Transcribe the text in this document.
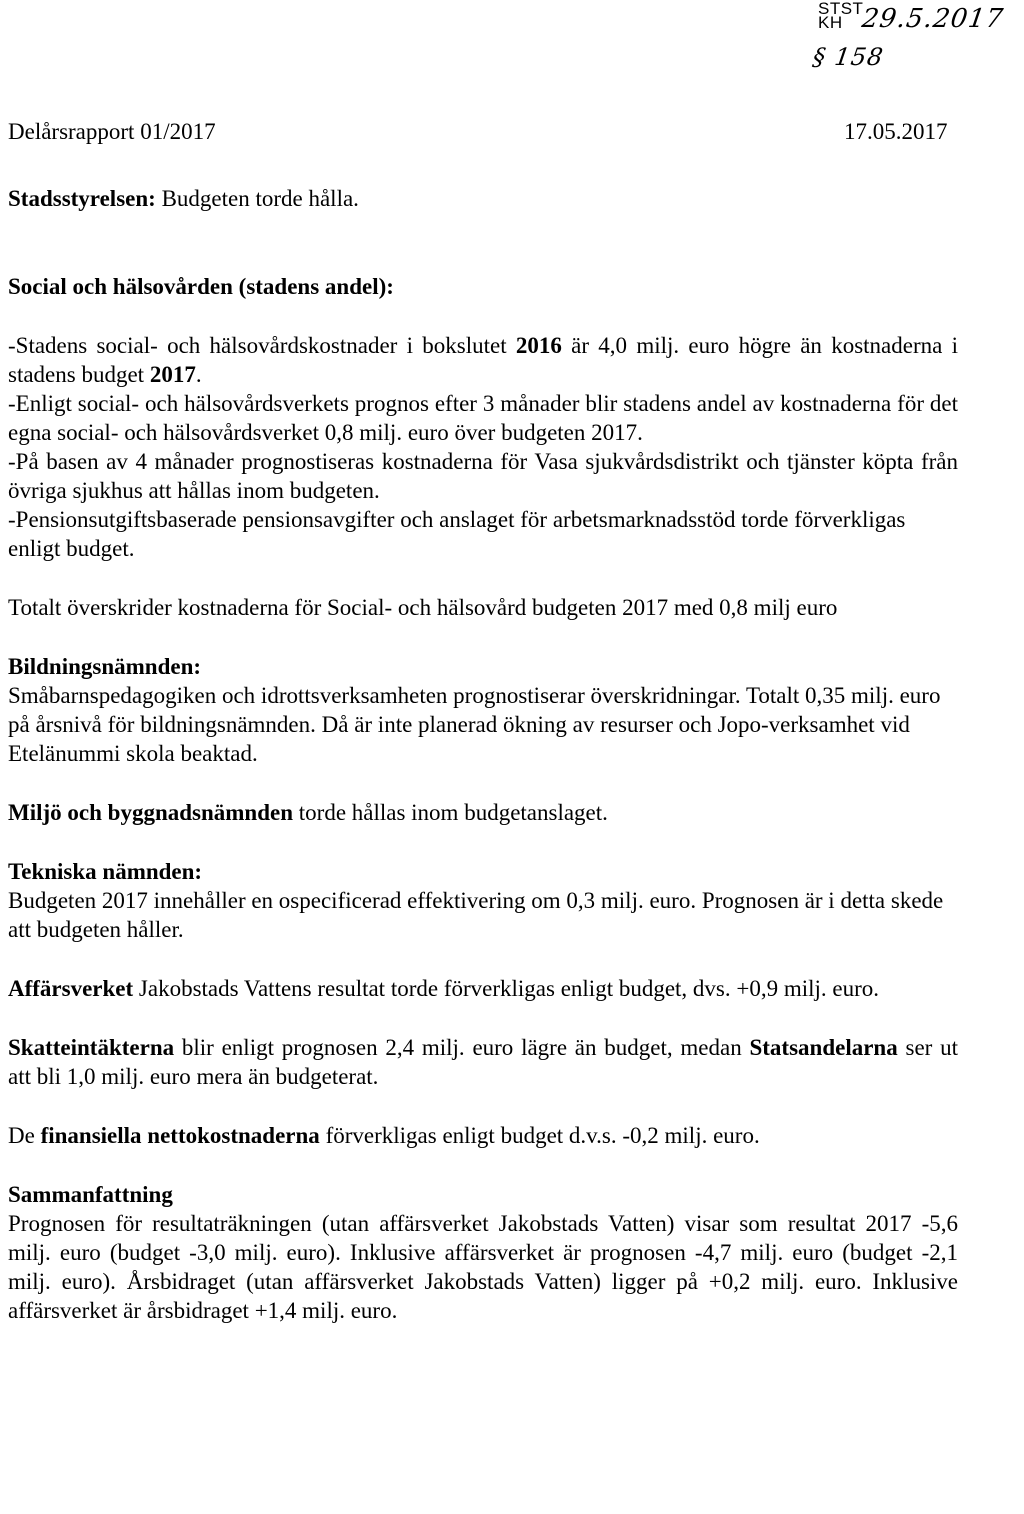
STST
KH 29.5.2017
§ 158
Delårsrapport 01/2017	17.05.2017

Stadsstyrelsen: Budgeten torde hålla.

Social och hälsovården (stadens andel):

-Stadens social- och hälsovårdskostnader i bokslutet 2016 är 4,0 milj. euro högre än kostnaderna i stadens budget 2017.

-Enligt social- och hälsovårdsverkets prognos efter 3 månader blir stadens andel av kostnaderna för det egna social- och hälsovårdsverket 0,8 milj. euro över budgeten 2017.

-På basen av 4 månader prognostiseras kostnaderna för Vasa sjukvårdsdistrikt och tjänster köpta från övriga sjukhus att hållas inom budgeten.

-Pensionsutgiftsbaserade pensionsavgifter och anslaget för arbetsmarknadsstöd torde förverkligas enligt budget.

Totalt överskrider kostnaderna för Social- och hälsovård budgeten 2017 med 0,8 milj euro

Bildningsnämnden:

Småbarnspedagogiken och idrottsverksamheten prognostiserar överskridningar. Totalt 0,35 milj. euro på årsnivå för bildningsnämnden. Då är inte planerad ökning av resurser och Jopo-verksamhet vid Etelänummi skola beaktad.

Miljö och byggnadsnämnden torde hållas inom budgetanslaget.

Tekniska nämnden:

Budgeten 2017 innehåller en ospecificerad effektivering om 0,3 milj. euro. Prognosen är i detta skede att budgeten håller.

Affärsverket Jakobstads Vattens resultat torde förverkligas enligt budget, dvs. +0,9 milj. euro.

Skatteintäkterna blir enligt prognosen 2,4 milj. euro lägre än budget, medan Statsandelarna ser ut att bli 1,0 milj. euro mera än budgeterat.

De finansiella nettokostnaderna förverkligas enligt budget d.v.s. -0,2 milj. euro.

Sammanfattning

Prognosen för resultaträkningen (utan affärsverket Jakobstads Vatten) visar som resultat 2017 -5,6 milj. euro (budget -3,0 milj. euro). Inklusive affärsverket är prognosen -4,7 milj. euro (budget -2,1 milj. euro). Årsbidraget (utan affärsverket Jakobstads Vatten) ligger på +0,2 milj. euro. Inklusive affärsverket är årsbidraget +1,4 milj. euro.
